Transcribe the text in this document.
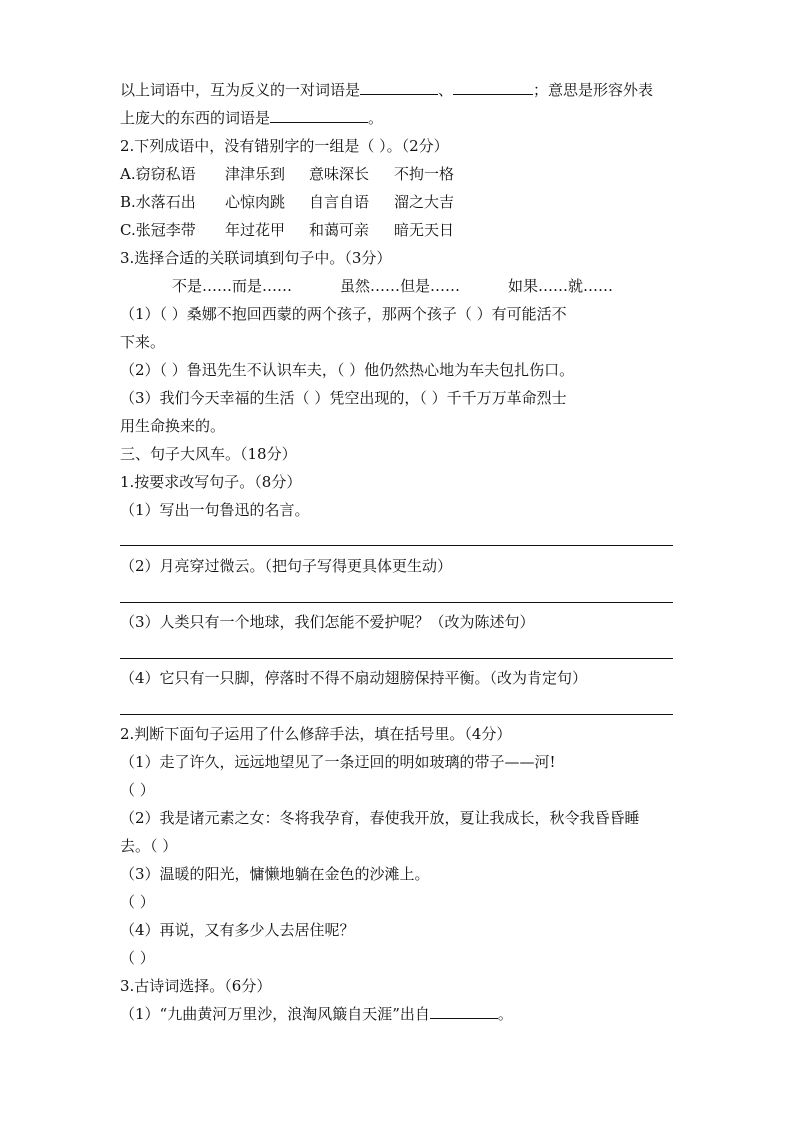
以上词语中，互为反义的一对词语是	、	；意思是形容外表
上庞大的东西的词语是	。
2.下列成语中，没有错别字的一组是（ ）。（2分）
A.窃窃私语 津津乐到 意味深长 不拘一格
B.水落石出 心惊肉跳 自言自语 溜之大吉
C.张冠李带 年过花甲 和蔼可亲 暗无天日
3.选择合适的关联词填到句子中。（3分）
不是……而是……	虽然……但是……	如果……就……
（1）（ ）桑娜不抱回西蒙的两个孩子，那两个孩子（ ）有可能活不
下来。
（2）（ ）鲁迅先生不认识车夫，（ ）他仍然热心地为车夫包扎伤口。
（3）我们今天幸福的生活（ ）凭空出现的，（ ）千千万万革命烈士
用生命换来的。
三、句子大风车。（18分）
1.按要求改写句子。（8分）
（1）写出一句鲁迅的名言。
（2）月亮穿过微云。（把句子写得更具体更生动）
（3）人类只有一个地球，我们怎能不爱护呢？（改为陈述句）
（4）它只有一只脚，停落时不得不扇动翅膀保持平衡。（改为肯定句）
2.判断下面句子运用了什么修辞手法，填在括号里。（4分）
（1）走了许久，远远地望见了一条迂回的明如玻璃的带子——河!
（ ）
（2）我是诸元素之女：冬将我孕育，春使我开放，夏让我成长，秋令我昏昏睡
去。（ ）
（3）温暖的阳光，慵懒地躺在金色的沙滩上。
（ ）
（4）再说，又有多少人去居住呢？
（ ）
3.古诗词选择。（6分）
（1）“九曲黄河万里沙，浪淘风簸自天涯”出自	。
